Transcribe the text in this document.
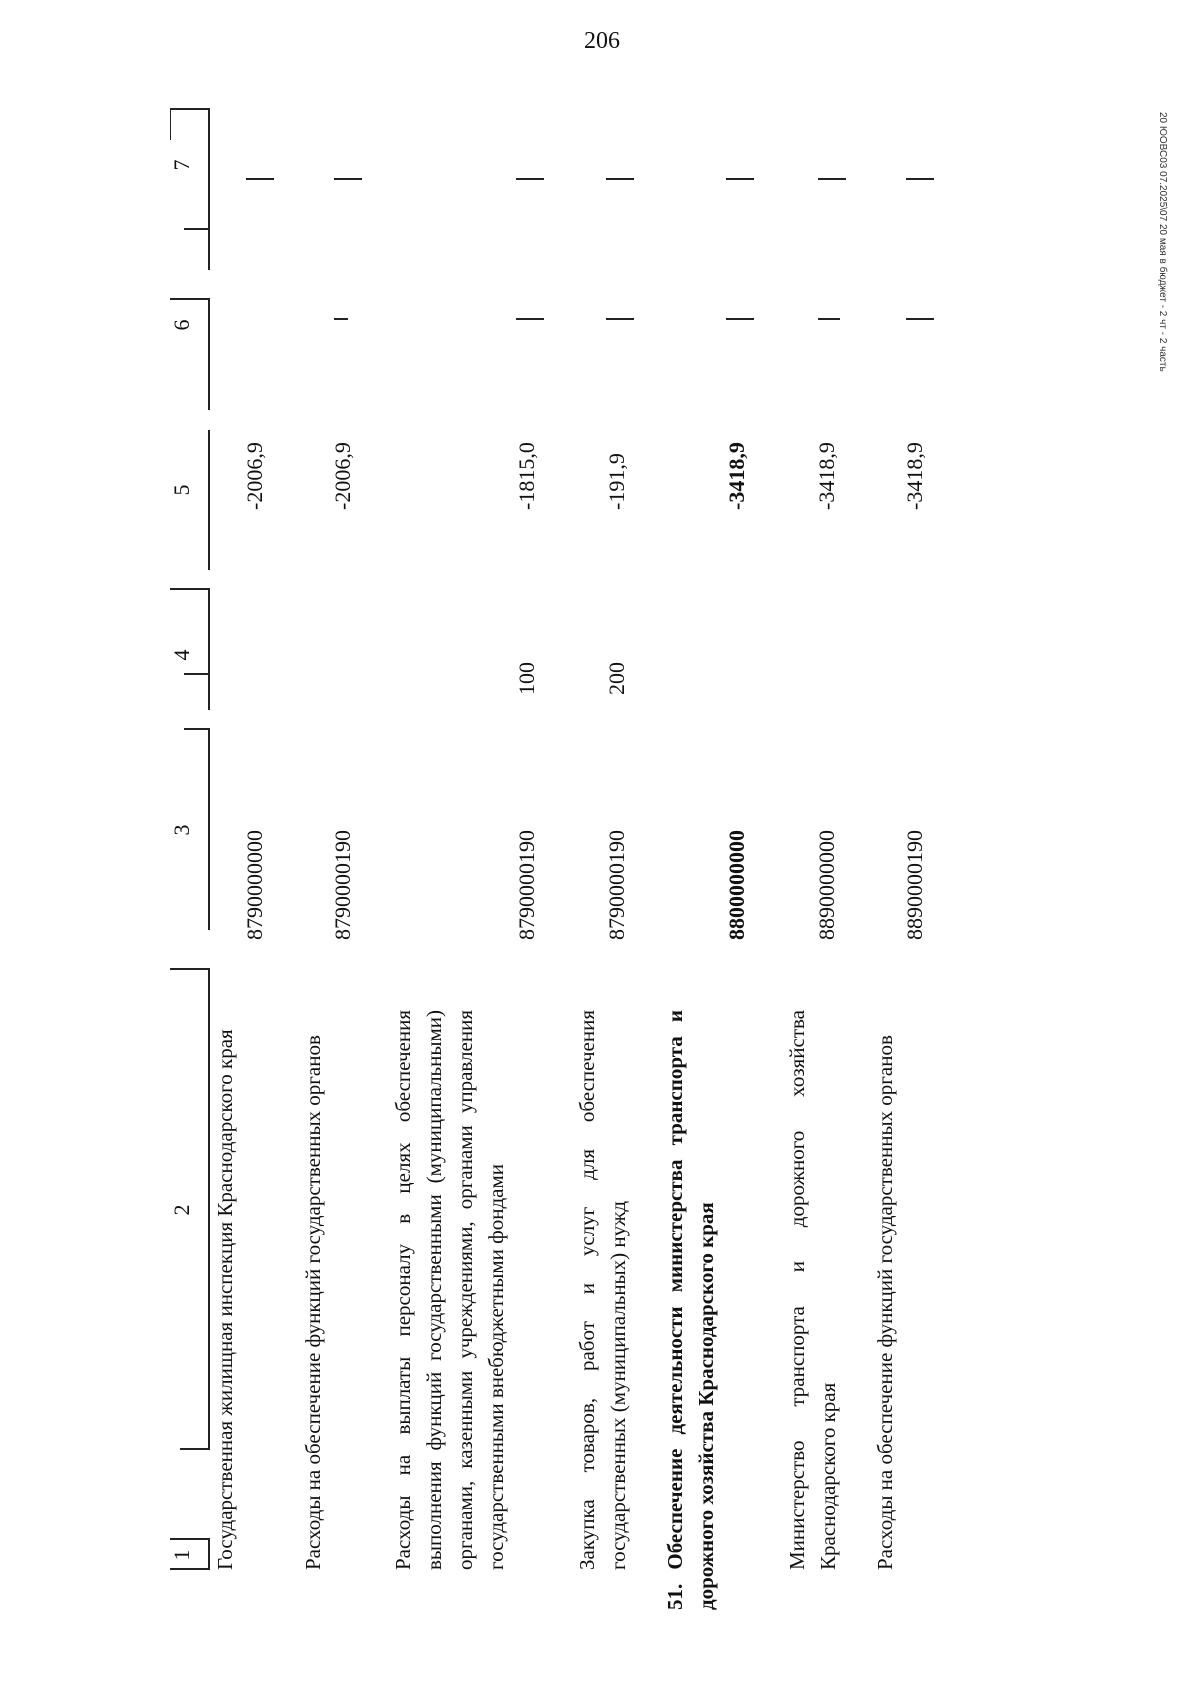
206
20 ЮОВС03 07.2025\07 20 мая в бюджет - 2 чт - 2 часть
1
2
3
4
5
6
7
Государственная жилищная инспекция Краснодарского края
8790000000
-2006,9
Расходы на обеспечение функций государственных органов
8790000190
-2006,9
Расходы на выплаты персоналу в целях обеспечения выполнения функций государственными (муниципальными) органами, казенными учреждениями, органами управления государственными внебюджетными фондами
8790000190
100
-1815,0
Закупка товаров, работ и услуг для обеспечения государственных (муниципальных) нужд
8790000190
200
-191,9
51. Обеспечение деятельности министерства транспорта и дорожного хозяйства Краснодарского края
8800000000
-3418,9
Министерство транспорта и дорожного хозяйства Краснодарского края
8890000000
-3418,9
Расходы на обеспечение функций государственных органов
8890000190
-3418,9
